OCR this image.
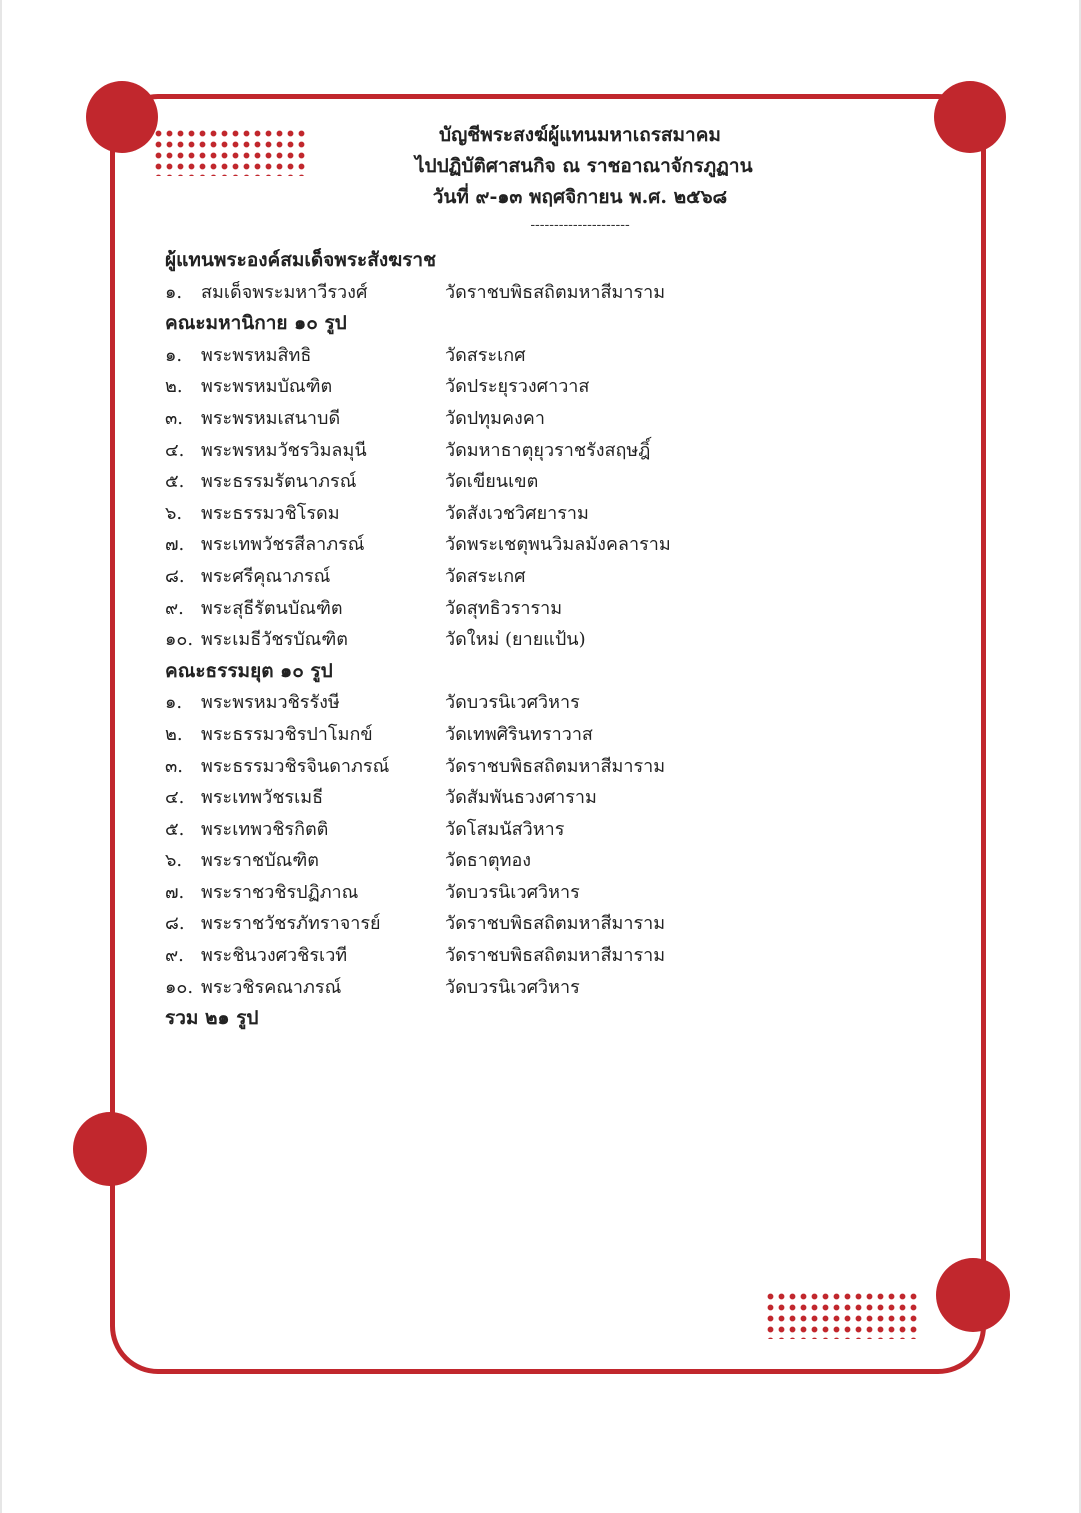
บัญชีพระสงฆ์ผู้แทนมหาเถรสมาคม
ไปปฏิบัติศาสนกิจ ณ ราชอาณาจักรภูฏาน
วันที่ ๙-๑๓ พฤศจิกายน พ.ศ. ๒๕๖๘
---------------------
ผู้แทนพระองค์สมเด็จพระสังฆราช
๑.	สมเด็จพระมหาวีรวงศ์	วัดราชบพิธสถิตมหาสีมาราม
คณะมหานิกาย ๑๐ รูป
๑.	พระพรหมสิทธิ	วัดสระเกศ
๒.	พระพรหมบัณฑิต	วัดประยุรวงศาวาส
๓. พระพรหมเสนาบดี	วัดปทุมคงคา
๔. พระพรหมวัชรวิมลมุนี	วัดมหาธาตุยุวราชรังสฤษฎิ์
๕. พระธรรมรัตนาภรณ์	วัดเขียนเขต
๖.	พระธรรมวชิโรดม	วัดสังเวชวิศยาราม
๗. พระเทพวัชรสีลาภรณ์	วัดพระเชตุพนวิมลมังคลาราม
๘. พระศรีคุณาภรณ์	วัดสระเกศ
๙. พระสุธีรัตนบัณฑิต	วัดสุทธิวราราม
๑๐. พระเมธีวัชรบัณฑิต	วัดใหม่ (ยายแป้น)
คณะธรรมยุต ๑๐ รูป
๑.	พระพรหมวชิรรังษี	วัดบวรนิเวศวิหาร
๒.	พระธรรมวชิรปาโมกข์	วัดเทพศิรินทราวาส
๓. พระธรรมวชิรจินดาภรณ์	วัดราชบพิธสถิตมหาสีมาราม
๔. พระเทพวัชรเมธี	วัดสัมพันธวงศาราม
๕. พระเทพวชิรกิตติ	วัดโสมนัสวิหาร
๖.	พระราชบัณฑิต	วัดธาตุทอง
๗. พระราชวชิรปฏิภาณ	วัดบวรนิเวศวิหาร
๘. พระราชวัชรภัทราจารย์	วัดราชบพิธสถิตมหาสีมาราม
๙. พระชินวงศวชิรเวที	วัดราชบพิธสถิตมหาสีมาราม
๑๐. พระวชิรคณาภรณ์	วัดบวรนิเวศวิหาร
รวม ๒๑ รูป
